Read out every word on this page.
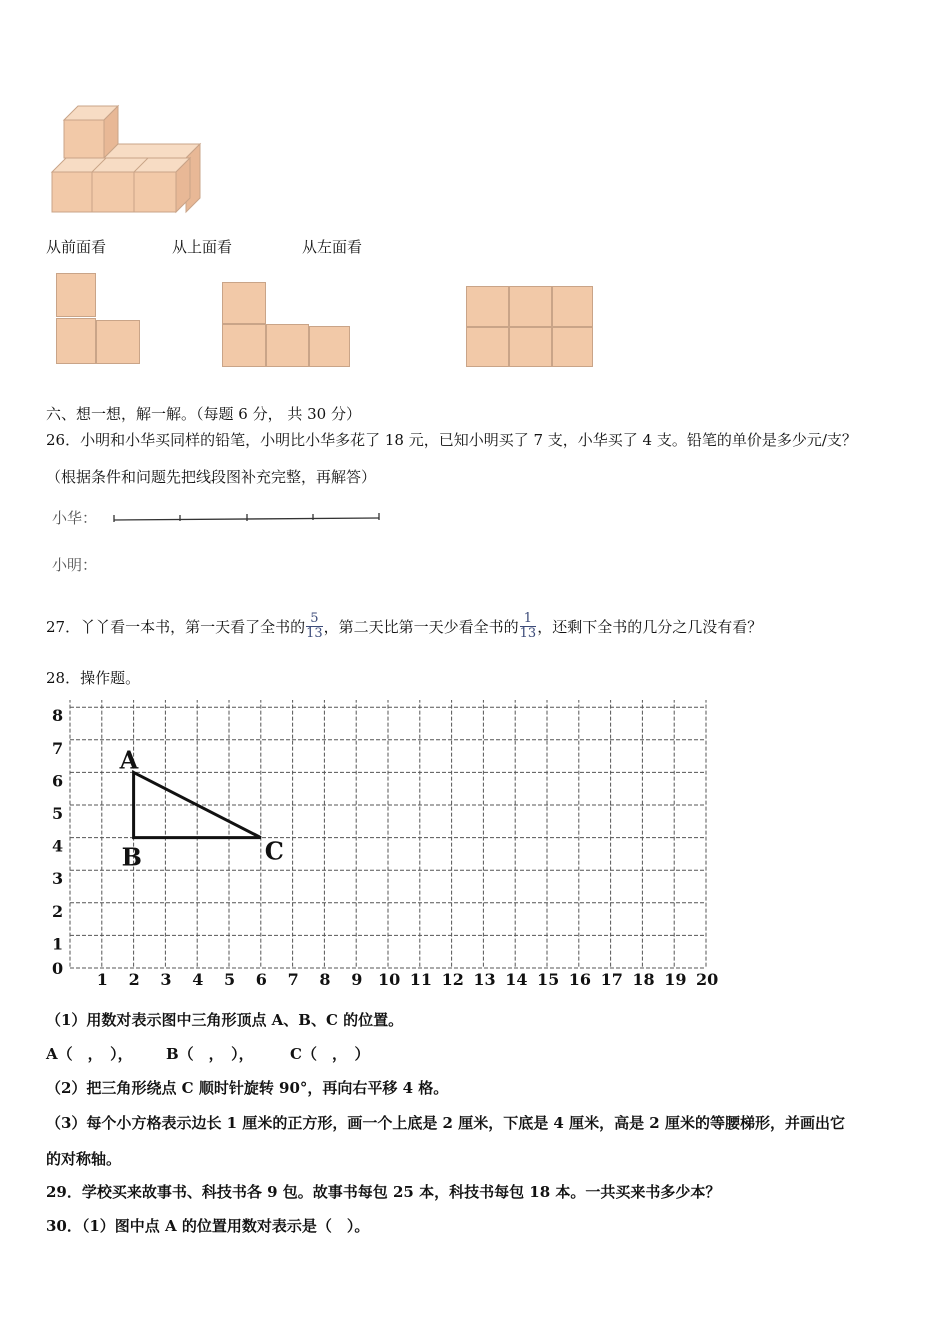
从前面看	从上面看	从左面看
六、想一想，解一解。（每题 6 分， 共 30 分）
26．小明和小华买同样的铅笔，小明比小华多花了 18 元，已知小明买了 7 支，小华买了 4 支。铅笔的单价是多少元/支？
（根据条件和问题先把线段图补充完整，再解答）
小华：
小明：
27．丫丫看一本书，第一天看了全书的 $\frac{5}{13}$ ，第二天比第一天少看全书的 $\frac{1}{13}$ ，还剩下全书的几分之几没有看？
28．操作题。
0
1
2
3
4
5
6
7
8
1 2 3 4 5 6 7 8 9 10 11 12 13 14 15 16 17 18 19 20
A
B	C
（1）用数对表示图中三角形顶点 A、B、C 的位置。
A（　，　）， B（　，　）， C（　，　）
（2）把三角形绕点 C 顺时针旋转 90°，再向右平移 4 格。
（3）每个小方格表示边长 1 厘米的正方形，画一个上底是 2 厘米，下底是 4 厘米，高是 2 厘米的等腰梯形，并画出它
的对称轴。
29．学校买来故事书、科技书各 9 包。故事书每包 25 本，科技书每包 18 本。一共买来书多少本？
30．（1）图中点 A 的位置用数对表示是（　）。
